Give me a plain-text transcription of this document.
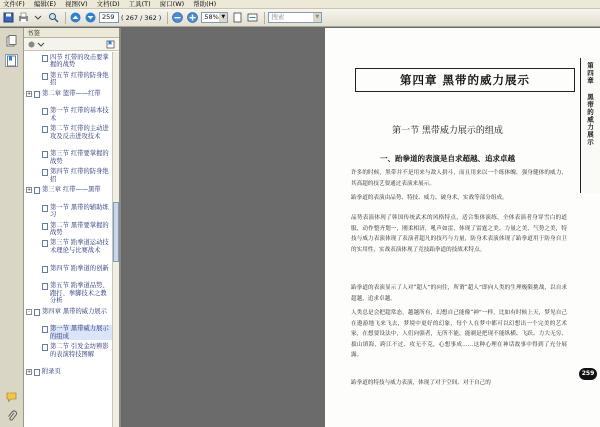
文件(F) 编辑(E) 视图(V) 文档(D) 工具(T) 窗口(W) 帮助(H)
259	( 267 / 362 )	58% ▼	搜索	▼
书签
四节 红带的攻击要掌握的战势
第五节 红带的防身绝招
+ 第二章 篮带——红带
第一节 红带的基本技术
第二节 红带的主动进攻及反击进攻技术
第三节 红带要掌握的战势
第四节 红带的防身绝招
+ 第三章 红带——黑带
第一节 黑带的辅助练习
第二节 黑带要掌握的战势
第三节 跆拳道运动技术理论与比赛战术
第四节 跆拳道的创新
第五节 跆拳道品势、跑打、拳脚技术之教分析
-	第四章 黑带的威力展示
第一节 黑带威力展示的组成
第二节 引发金坊辨影的表演特技图解
+ 附录页
第四章 黑带的威力展示
第一节 黑带威力展示的组成
一、跆拳道的表演是自求超越、追求卓越
许多的时候，黑带并不是用来与敌人拼斗，而且用来以一个练体魄、强身健体的威力，其高超的技艺要通过表演来展示。
跆拳道的表演由品势、特技、威力、破身术，实战等部分组成。
品势表演体现了韩国传统武术的风格特点，适合集体演练，全体表演者身穿雪白的道服，动作整齐划一，刚柔相济，吼声如雷，体现了雷霆之美、力量之美、气势之美，特技与威力表演体现了表演者超凡的技巧与力量，防身术表演体现了跆拳道用于防身自卫的实用性，实战表演体现了竞技跆拳道的技战术特点。
跆拳道的表演显示了人对“超人”的向往，所谓“超人”即向人类的生理极限挑战，以自求超越，追求卓越。
人类总是会把超常态，越越所有，幻想自己能像“神”一样，比如有时候上天，梦见自己在遨游地飞来飞去，梦境中更好的幻象，每个人在梦中都可以幻想出一个完美的艺术家，在想要设法中，人们向强者，无所不能，能剃是把现不能纵横、飞跃、力大无穷、拔山填海，跨江不过、攻无不克，心想事成……这种心理在神话故事中得到了充分展露。
跆拳道的特技与威力表演，体现了对于空间、对于自己的
第四章 黑带的威力展示
259
